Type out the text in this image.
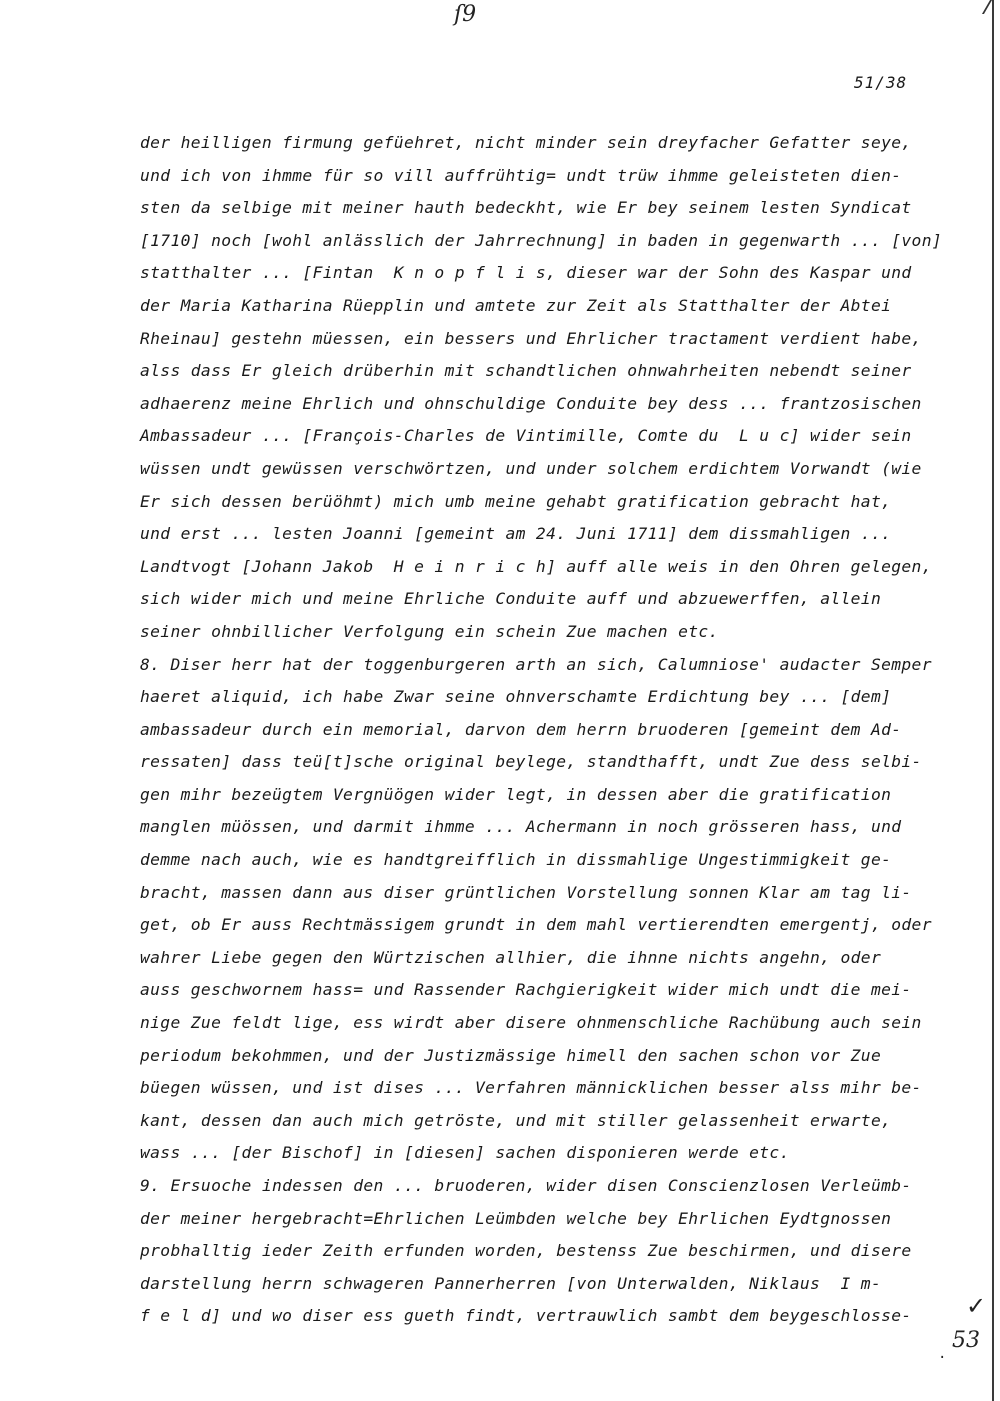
ſ9
51/38
der heilligen firmung gefüehret, nicht minder sein dreyfacher Gefatter seye,
und ich von ihmme für so vill auffrühtig= undt trüw ihmme geleisteten dien-
sten da selbige mit meiner hauth bedeckht, wie Er bey seinem lesten Syndicat
[1710] noch [wohl anlässlich der Jahrrechnung] in baden in gegenwarth ... [von]
statthalter ... [Fintan  K n o p f l i s, dieser war der Sohn des Kaspar und
der Maria Katharina Rüepplin und amtete zur Zeit als Statthalter der Abtei
Rheinau] gestehn müessen, ein bessers und Ehrlicher tractament verdient habe,
alss dass Er gleich drüberhin mit schandtlichen ohnwahrheiten nebendt seiner
adhaerenz meine Ehrlich und ohnschuldige Conduite bey dess ... frantzosischen
Ambassadeur ... [François-Charles de Vintimille, Comte du  L u c] wider sein
wüssen undt gewüssen verschwörtzen, und under solchem erdichtem Vorwandt (wie
Er sich dessen berüöhmt) mich umb meine gehabt gratification gebracht hat,
und erst ... lesten Joanni [gemeint am 24. Juni 1711] dem dissmahligen ...
Landtvogt [Johann Jakob  H e i n r i c h] auff alle weis in den Ohren gelegen,
sich wider mich und meine Ehrliche Conduite auff und abzuewerffen, allein
seiner ohnbillicher Verfolgung ein schein Zue machen etc.
8. Diser herr hat der toggenburgeren arth an sich, Calumniose' audacter Semper
haeret aliquid, ich habe Zwar seine ohnverschamte Erdichtung bey ... [dem]
ambassadeur durch ein memorial, darvon dem herrn bruoderen [gemeint dem Ad-
ressaten] dass teü[t]sche original beylege, standthafft, undt Zue dess selbi-
gen mihr bezeügtem Vergnüögen wider legt, in dessen aber die gratification
manglen müössen, und darmit ihmme ... Achermann in noch grösseren hass, und
demme nach auch, wie es handtgreifflich in dissmahlige Ungestimmigkeit ge-
bracht, massen dann aus diser grüntlichen Vorstellung sonnen Klar am tag li-
get, ob Er auss Rechtmässigem grundt in dem mahl vertierendten emergentj, oder
wahrer Liebe gegen den Würtzischen allhier, die ihnne nichts angehn, oder
auss geschwornem hass= und Rassender Rachgierigkeit wider mich undt die mei-
nige Zue feldt lige, ess wirdt aber disere ohnmenschliche Rachübung auch sein
periodum bekohmmen, und der Justizmässige himell den sachen schon vor Zue
büegen wüssen, und ist dises ... Verfahren männicklichen besser alss mihr be-
kant, dessen dan auch mich getröste, und mit stiller gelassenheit erwarte,
wass ... [der Bischof] in [diesen] sachen disponieren werde etc.
9. Ersuoche indessen den ... bruoderen, wider disen Conscienzlosen Verleümb-
der meiner hergebracht=Ehrlichen Leümbden welche bey Ehrlichen Eydtgnossen
probhalltig ieder Zeith erfunden worden, bestenss Zue beschirmen, und disere
darstellung herrn schwageren Pannerherren [von Unterwalden, Niklaus  I m-
f e l d] und wo diser ess gueth findt, vertrauwlich sambt dem beygeschlosse-	✓
·
53
